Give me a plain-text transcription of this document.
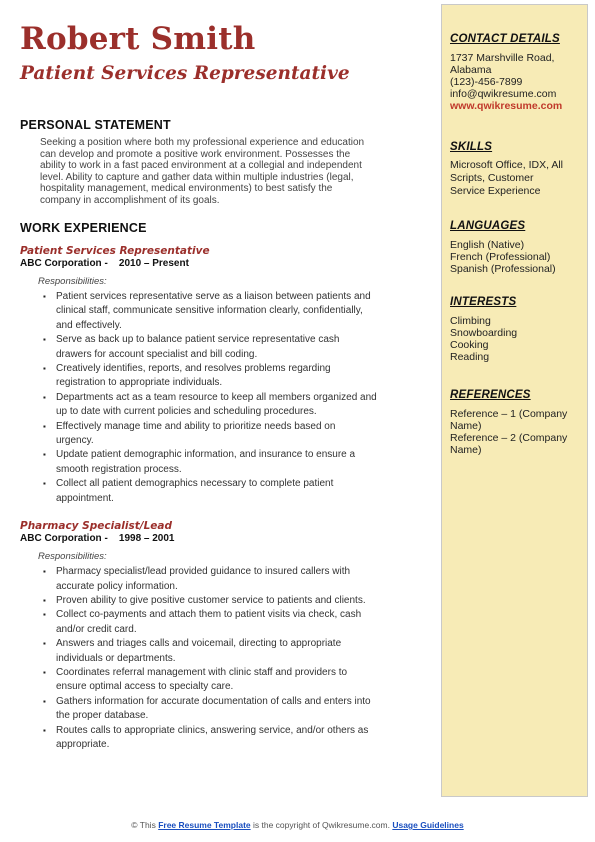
Robert Smith
Patient Services Representative
PERSONAL STATEMENT
Seeking a position where both my professional experience and education
can develop and promote a positive work environment. Possesses the
ability to work in a fast paced environment at a collegial and independent
level. Ability to capture and gather data within multiple industries (legal,
hospitality management, medical environments) to best satisfy the
company in accomplishment of its goals.
WORK EXPERIENCE
Patient Services Representative
ABC Corporation -    2010 – Present
Responsibilities:
▪ Patient services representative serve as a liaison between patients and
clinical staff, communicate sensitive information clearly, confidentially,
and effectively.
▪ Serve as back up to balance patient service representative cash
drawers for account specialist and bill coding.
▪ Creatively identifies, reports, and resolves problems regarding
registration to appropriate individuals.
▪ Departments act as a team resource to keep all members organized and
up to date with current policies and scheduling procedures.
▪ Effectively manage time and ability to prioritize needs based on
urgency.
▪ Update patient demographic information, and insurance to ensure a
smooth registration process.
▪ Collect all patient demographics necessary to complete patient
appointment.
Pharmacy Specialist/Lead
ABC Corporation -    1998 – 2001
Responsibilities:
▪ Pharmacy specialist/lead provided guidance to insured callers with
accurate policy information.
▪ Proven ability to give positive customer service to patients and clients.
▪ Collect co-payments and attach them to patient visits via check, cash
and/or credit card.
▪ Answers and triages calls and voicemail, directing to appropriate
individuals or departments.
▪ Coordinates referral management with clinic staff and providers to
ensure optimal access to specialty care.
▪ Gathers information for accurate documentation of calls and enters into
the proper database.
▪ Routes calls to appropriate clinics, answering service, and/or others as
appropriate.
CONTACT DETAILS
1737 Marshville Road,
Alabama
(123)-456-7899
info@qwikresume.com
www.qwikresume.com
SKILLS
Microsoft Office, IDX, All
Scripts, Customer
Service Experience
LANGUAGES
English (Native)
French (Professional)
Spanish (Professional)
INTERESTS
Climbing
Snowboarding
Cooking
Reading
REFERENCES
Reference – 1 (Company
Name)
Reference – 2 (Company
Name)
© This Free Resume Template is the copyright of Qwikresume.com. Usage Guidelines
